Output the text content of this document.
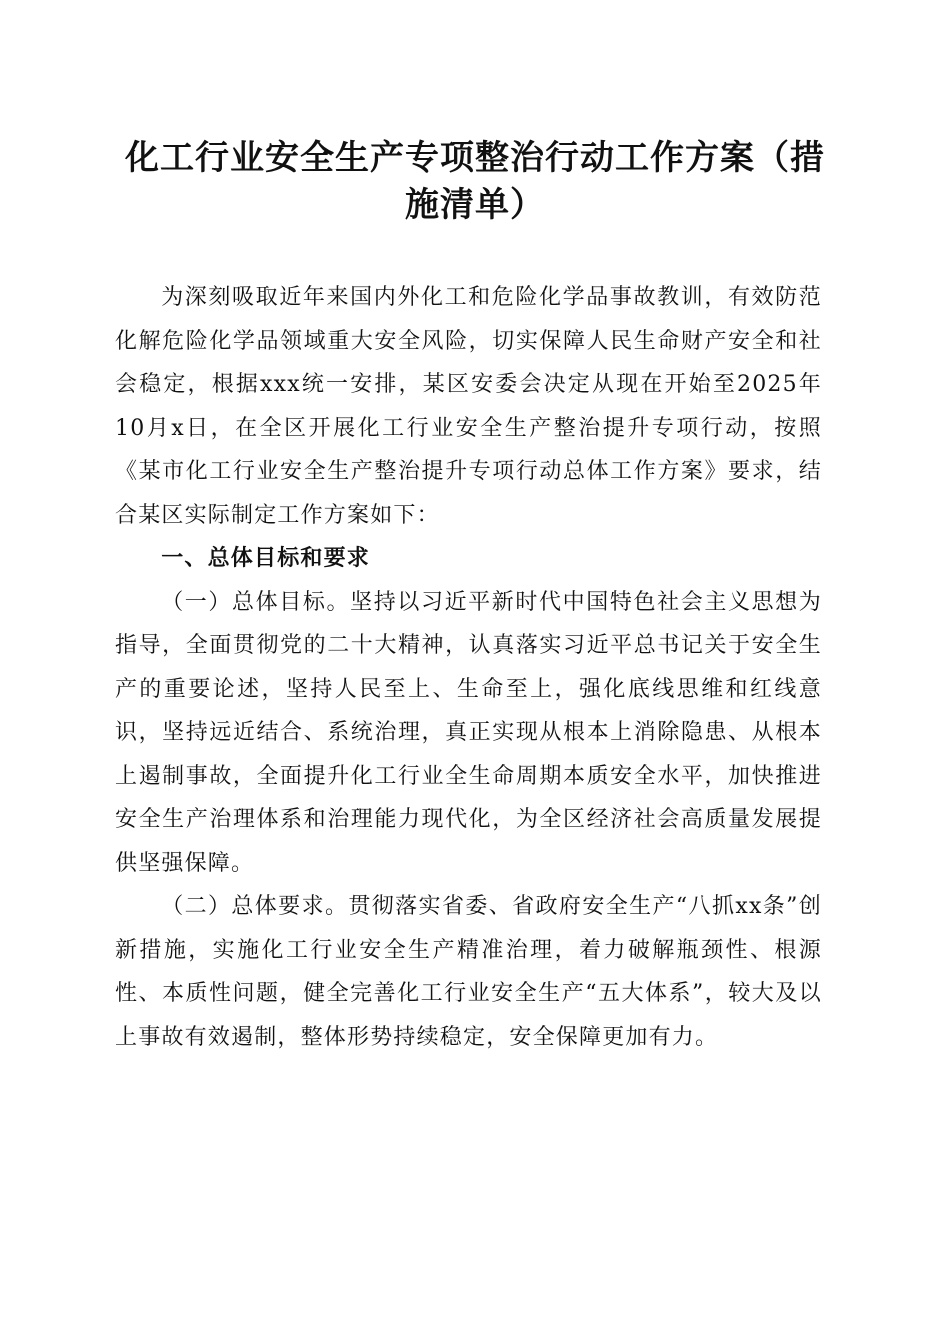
化工行业安全生产专项整治行动工作方案（措施清单）

为深刻吸取近年来国内外化工和危险化学品事故教训，有效防范化解危险化学品领域重大安全风险，切实保障人民生命财产安全和社会稳定，根据xxx统一安排，某区安委会决定从现在开始至2025年10月x日，在全区开展化工行业安全生产整治提升专项行动，按照《某市化工行业安全生产整治提升专项行动总体工作方案》要求，结合某区实际制定工作方案如下：

一、总体目标和要求

（一）总体目标。坚持以习近平新时代中国特色社会主义思想为指导，全面贯彻党的二十大精神，认真落实习近平总书记关于安全生产的重要论述，坚持人民至上、生命至上，强化底线思维和红线意识，坚持远近结合、系统治理，真正实现从根本上消除隐患、从根本上遏制事故，全面提升化工行业全生命周期本质安全水平，加快推进安全生产治理体系和治理能力现代化，为全区经济社会高质量发展提供坚强保障。

（二）总体要求。贯彻落实省委、省政府安全生产“八抓xx条”创新措施，实施化工行业安全生产精准治理，着力破解瓶颈性、根源性、本质性问题，健全完善化工行业安全生产“五大体系”，较大及以上事故有效遏制，整体形势持续稳定，安全保障更加有力。
